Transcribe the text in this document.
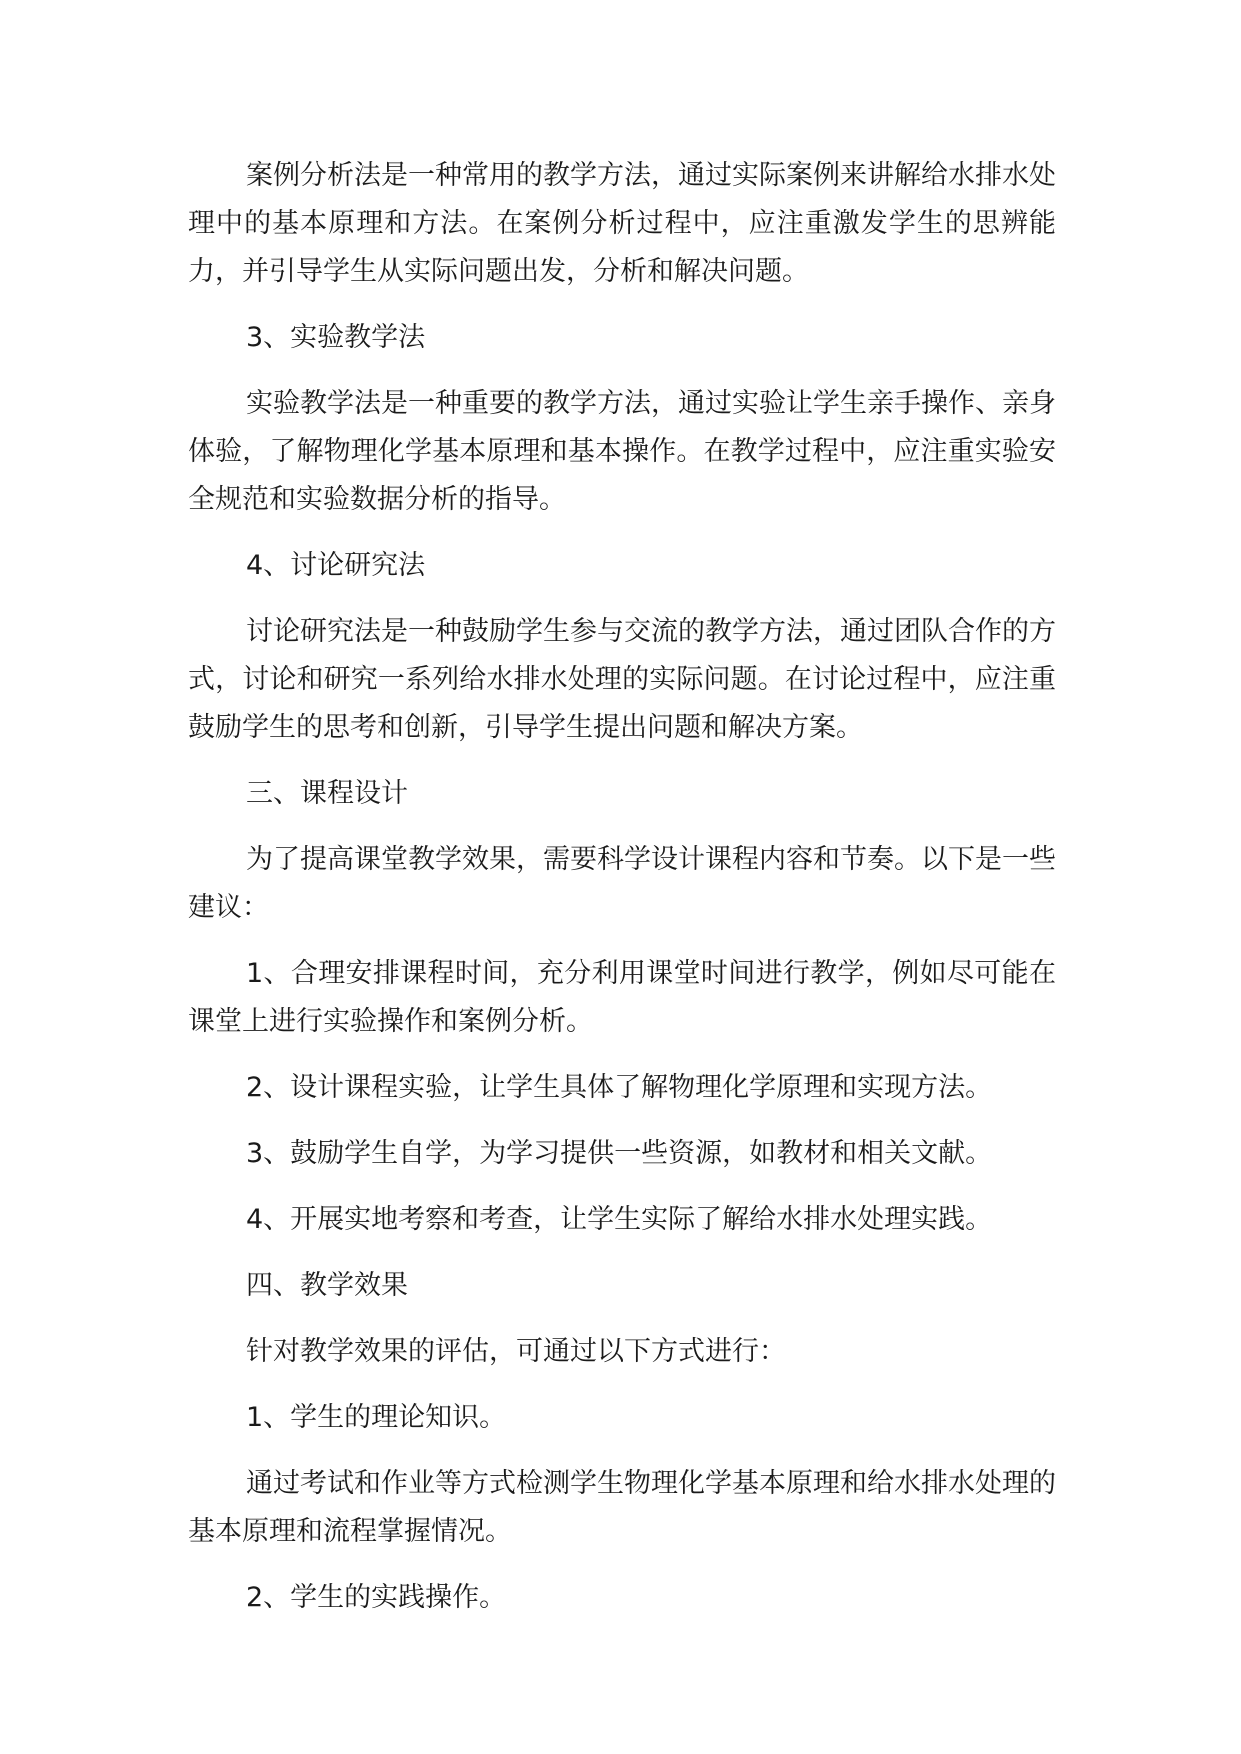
案例分析法是一种常用的教学方法，通过实际案例来讲解给水排水处理中的基本原理和方法。在案例分析过程中，应注重激发学生的思辨能力，并引导学生从实际问题出发，分析和解决问题。

3、实验教学法

实验教学法是一种重要的教学方法，通过实验让学生亲手操作、亲身体验，了解物理化学基本原理和基本操作。在教学过程中，应注重实验安全规范和实验数据分析的指导。

4、讨论研究法

讨论研究法是一种鼓励学生参与交流的教学方法，通过团队合作的方式，讨论和研究一系列给水排水处理的实际问题。在讨论过程中，应注重鼓励学生的思考和创新，引导学生提出问题和解决方案。

三、课程设计

为了提高课堂教学效果，需要科学设计课程内容和节奏。以下是一些建议：

1、合理安排课程时间，充分利用课堂时间进行教学，例如尽可能在课堂上进行实验操作和案例分析。

2、设计课程实验，让学生具体了解物理化学原理和实现方法。

3、鼓励学生自学，为学习提供一些资源，如教材和相关文献。

4、开展实地考察和考查，让学生实际了解给水排水处理实践。

四、教学效果

针对教学效果的评估，可通过以下方式进行：

1、学生的理论知识。

通过考试和作业等方式检测学生物理化学基本原理和给水排水处理的基本原理和流程掌握情况。

2、学生的实践操作。
